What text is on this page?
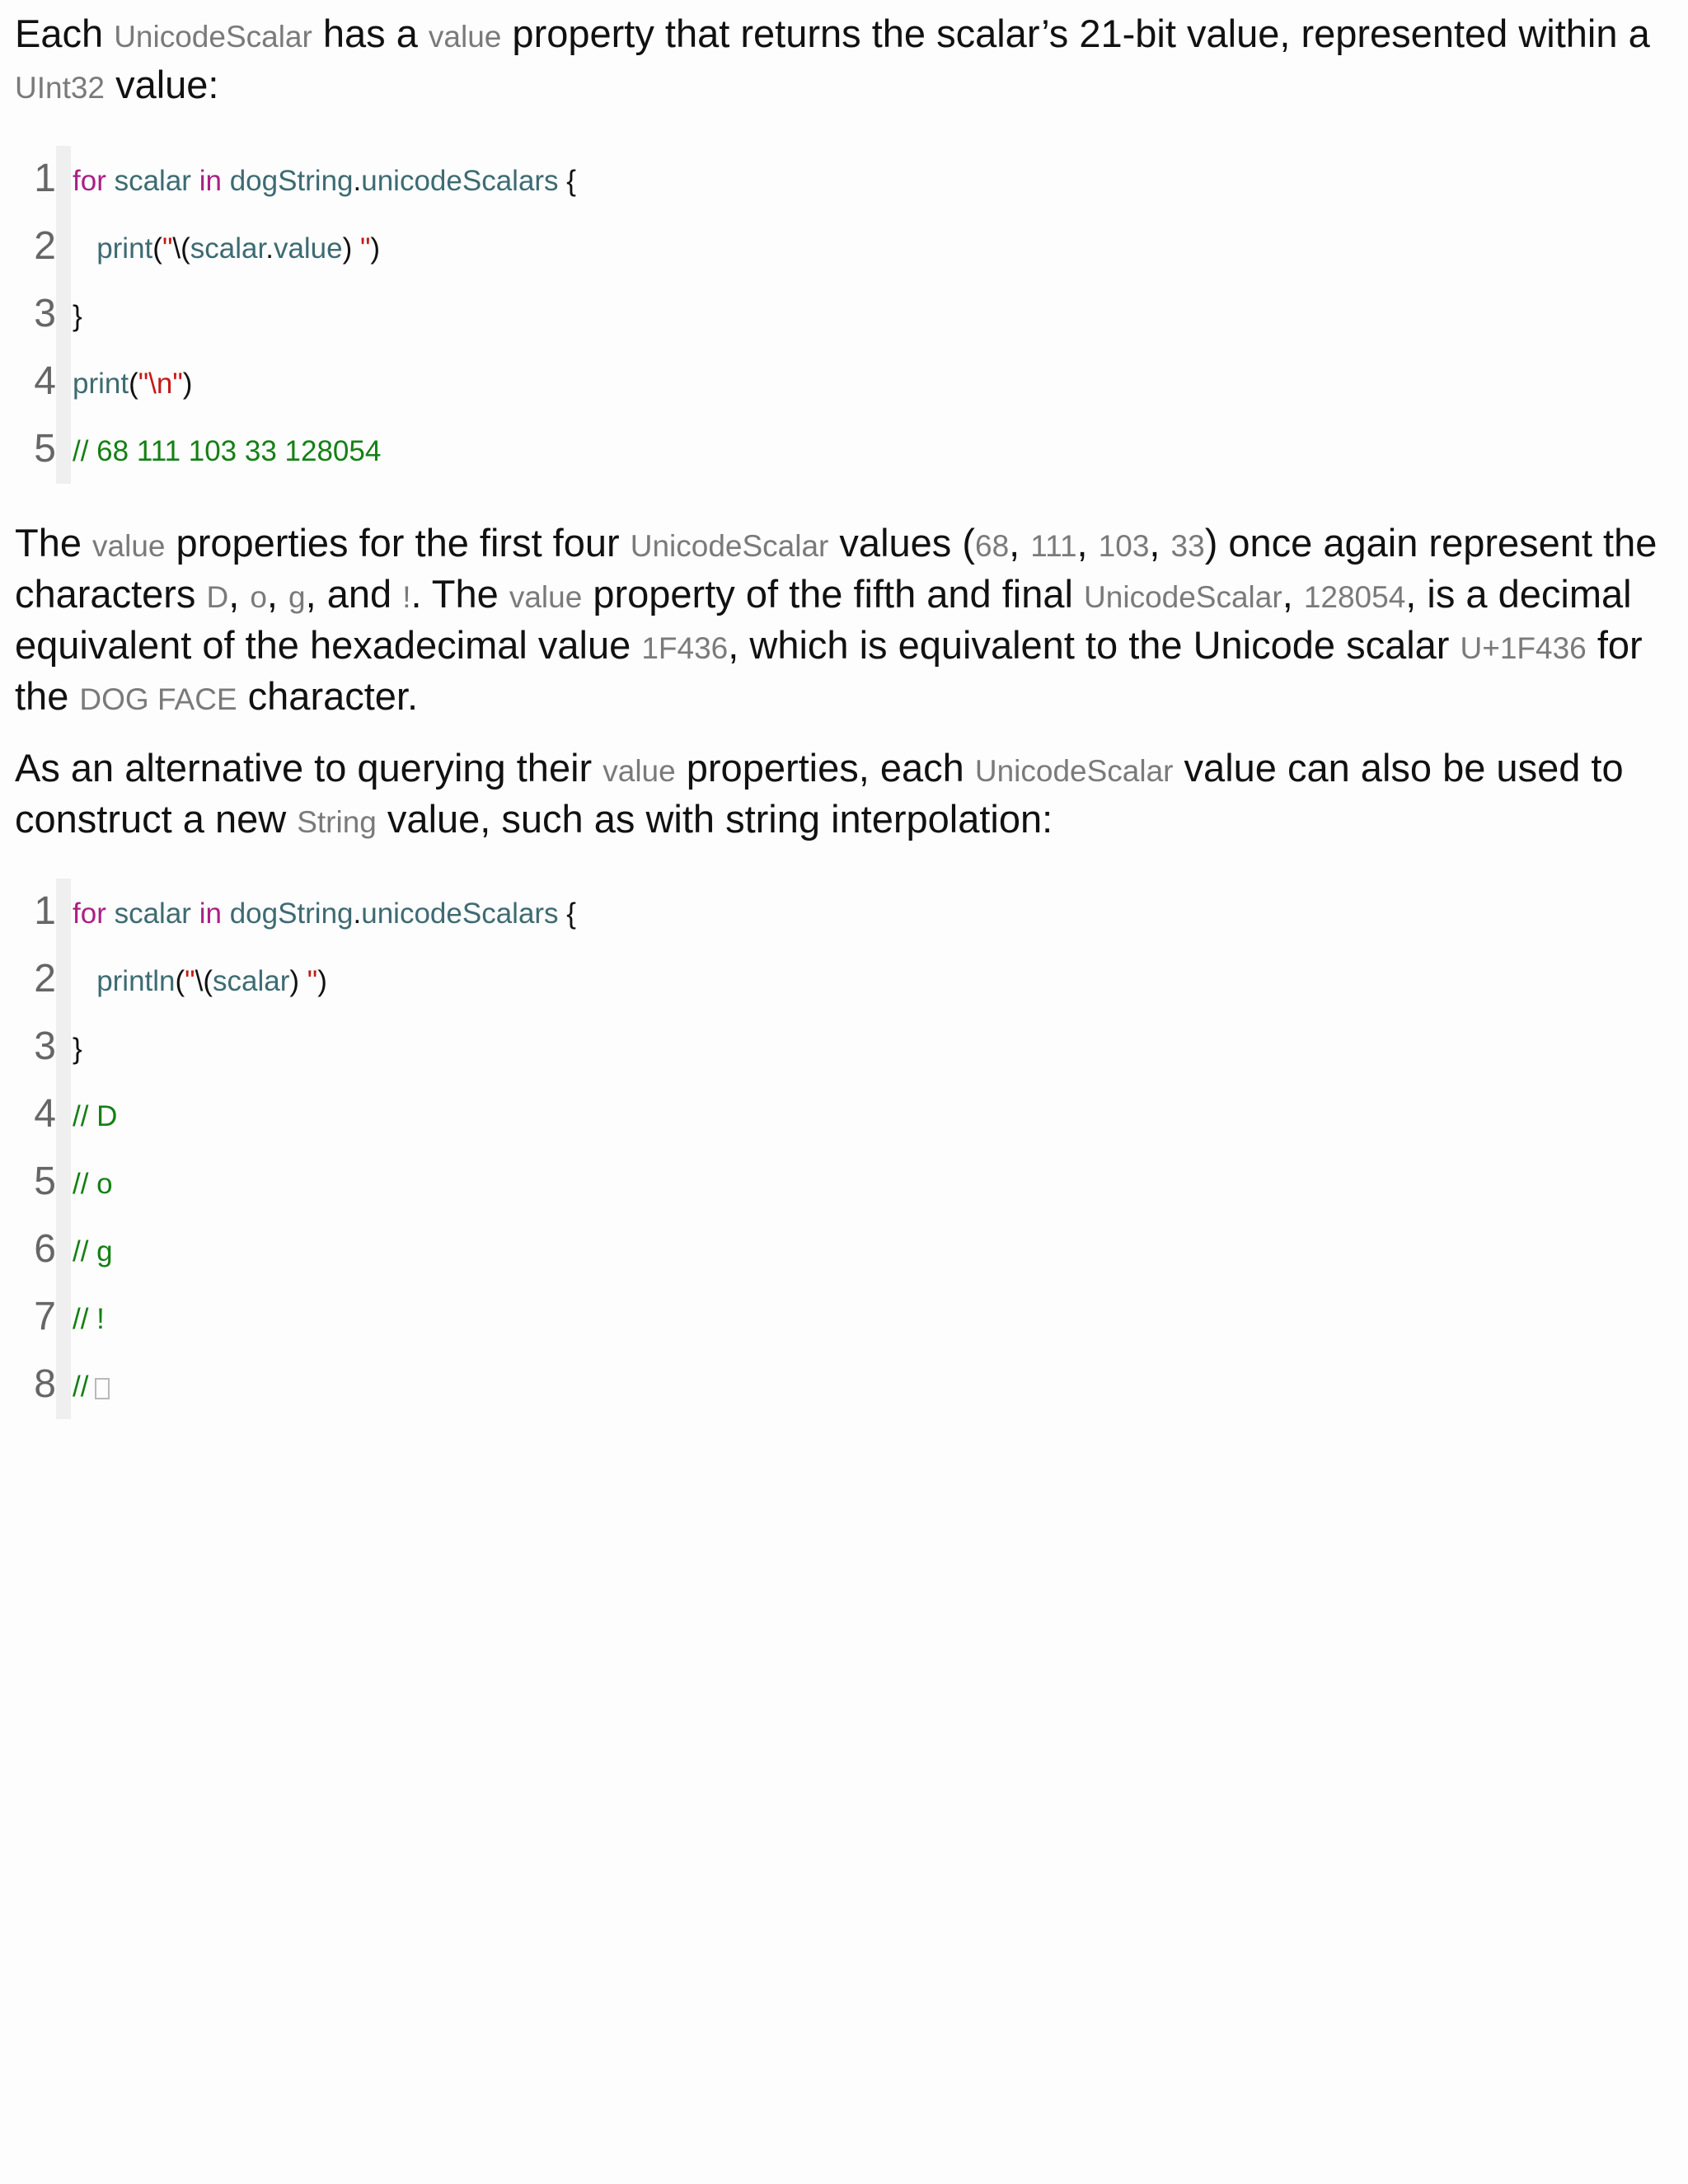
Each UnicodeScalar has a value property that returns the scalar’s 21-bit value, represented within a UInt32 value:

1 for scalar in dogString.unicodeScalars {
2	print("\(scalar.value) ")
3 }
4 print("\n")
5 // 68 111 103 33 128054

The value properties for the first four UnicodeScalar values (68, 111, 103, 33) once again represent the characters D, o, g, and !. The value property of the fifth and final UnicodeScalar, 128054, is a decimal equivalent of the hexadecimal value 1F436, which is equivalent to the Unicode scalar U+1F436 for the DOG FACE character.

As an alternative to querying their value properties, each UnicodeScalar value can also be used to construct a new String value, such as with string interpolation:

1 for scalar in dogString.unicodeScalars {
2	println("\(scalar) ")
3 }
4 // D
5 // o
6 // g
7 // !
8 //
